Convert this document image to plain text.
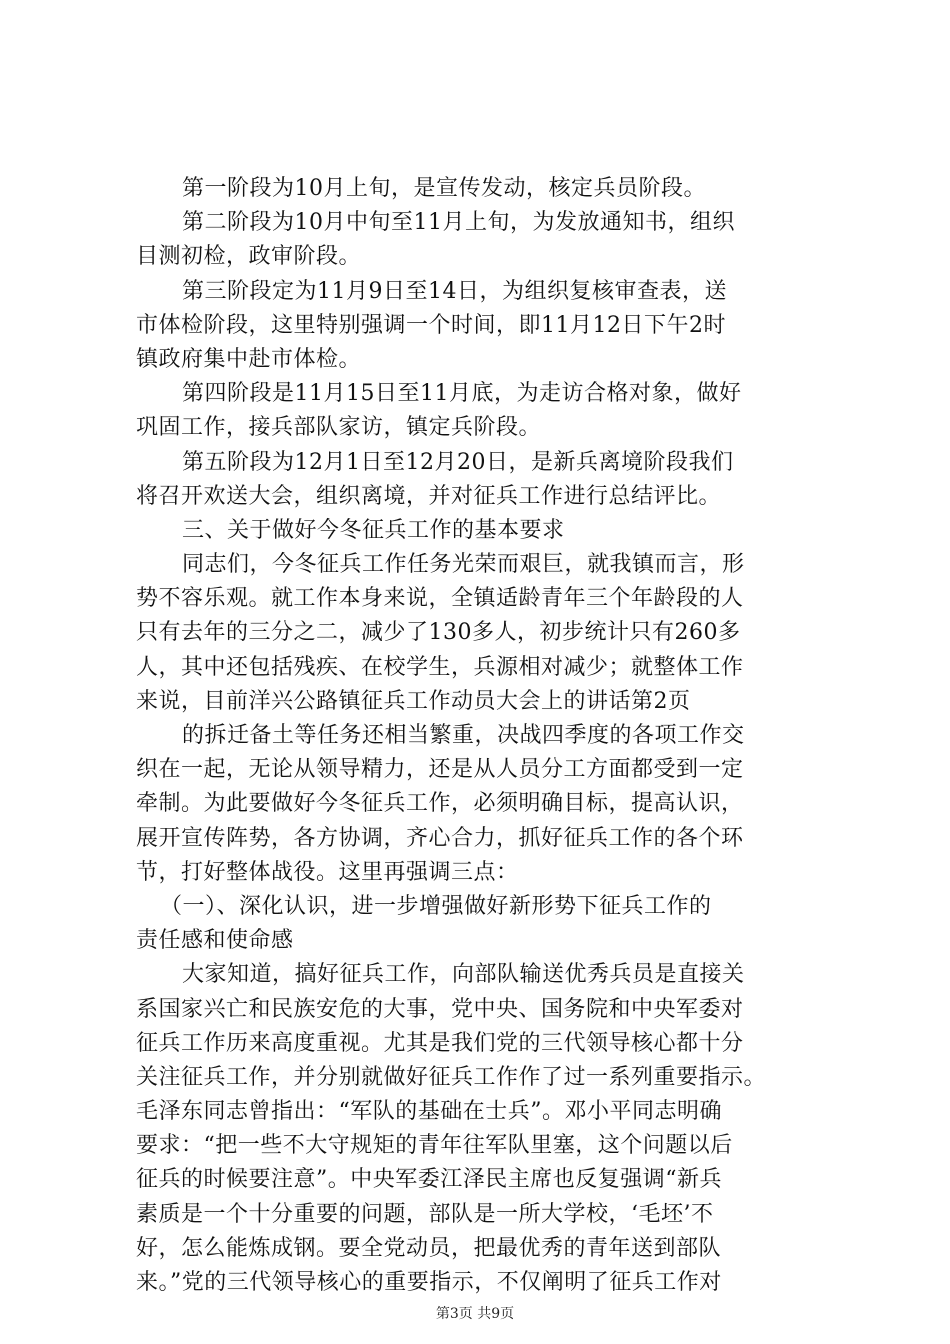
第一阶段为10月上旬，是宣传发动，核定兵员阶段。
第二阶段为10月中旬至11月上旬，为发放通知书，组织
目测初检，政审阶段。
第三阶段定为11月9日至14日，为组织复核审查表，送
市体检阶段，这里特别强调一个时间，即11月12日下午2时
镇政府集中赴市体检。
第四阶段是11月15日至11月底，为走访合格对象，做好
巩固工作，接兵部队家访，镇定兵阶段。
第五阶段为12月1日至12月20日，是新兵离境阶段我们
将召开欢送大会，组织离境，并对征兵工作进行总结评比。
三、关于做好今冬征兵工作的基本要求
同志们，今冬征兵工作任务光荣而艰巨，就我镇而言，形
势不容乐观。就工作本身来说，全镇适龄青年三个年龄段的人
只有去年的三分之二，减少了130多人，初步统计只有260多
人，其中还包括残疾、在校学生，兵源相对减少；就整体工作
来说，目前洋兴公路镇征兵工作动员大会上的讲话第2页
的拆迁备土等任务还相当繁重，决战四季度的各项工作交
织在一起，无论从领导精力，还是从人员分工方面都受到一定
牵制。为此要做好今冬征兵工作，必须明确目标，提高认识，
展开宣传阵势，各方协调，齐心合力，抓好征兵工作的各个环
节，打好整体战役。这里再强调三点：
（一）、深化认识，进一步增强做好新形势下征兵工作的
责任感和使命感
大家知道，搞好征兵工作，向部队输送优秀兵员是直接关
系国家兴亡和民族安危的大事，党中央、国务院和中央军委对
征兵工作历来高度重视。尤其是我们党的三代领导核心都十分
关注征兵工作，并分别就做好征兵工作作了过一系列重要指示。
毛泽东同志曾指出：“军队的基础在士兵”。邓小平同志明确
要求：“把一些不大守规矩的青年往军队里塞，这个问题以后
征兵的时候要注意”。中央军委江泽民主席也反复强调“新兵
素质是一个十分重要的问题，部队是一所大学校，‘毛坯’不
好，怎么能炼成钢。要全党动员，把最优秀的青年送到部队
来。”党的三代领导核心的重要指示，不仅阐明了征兵工作对
第3页 共9页
